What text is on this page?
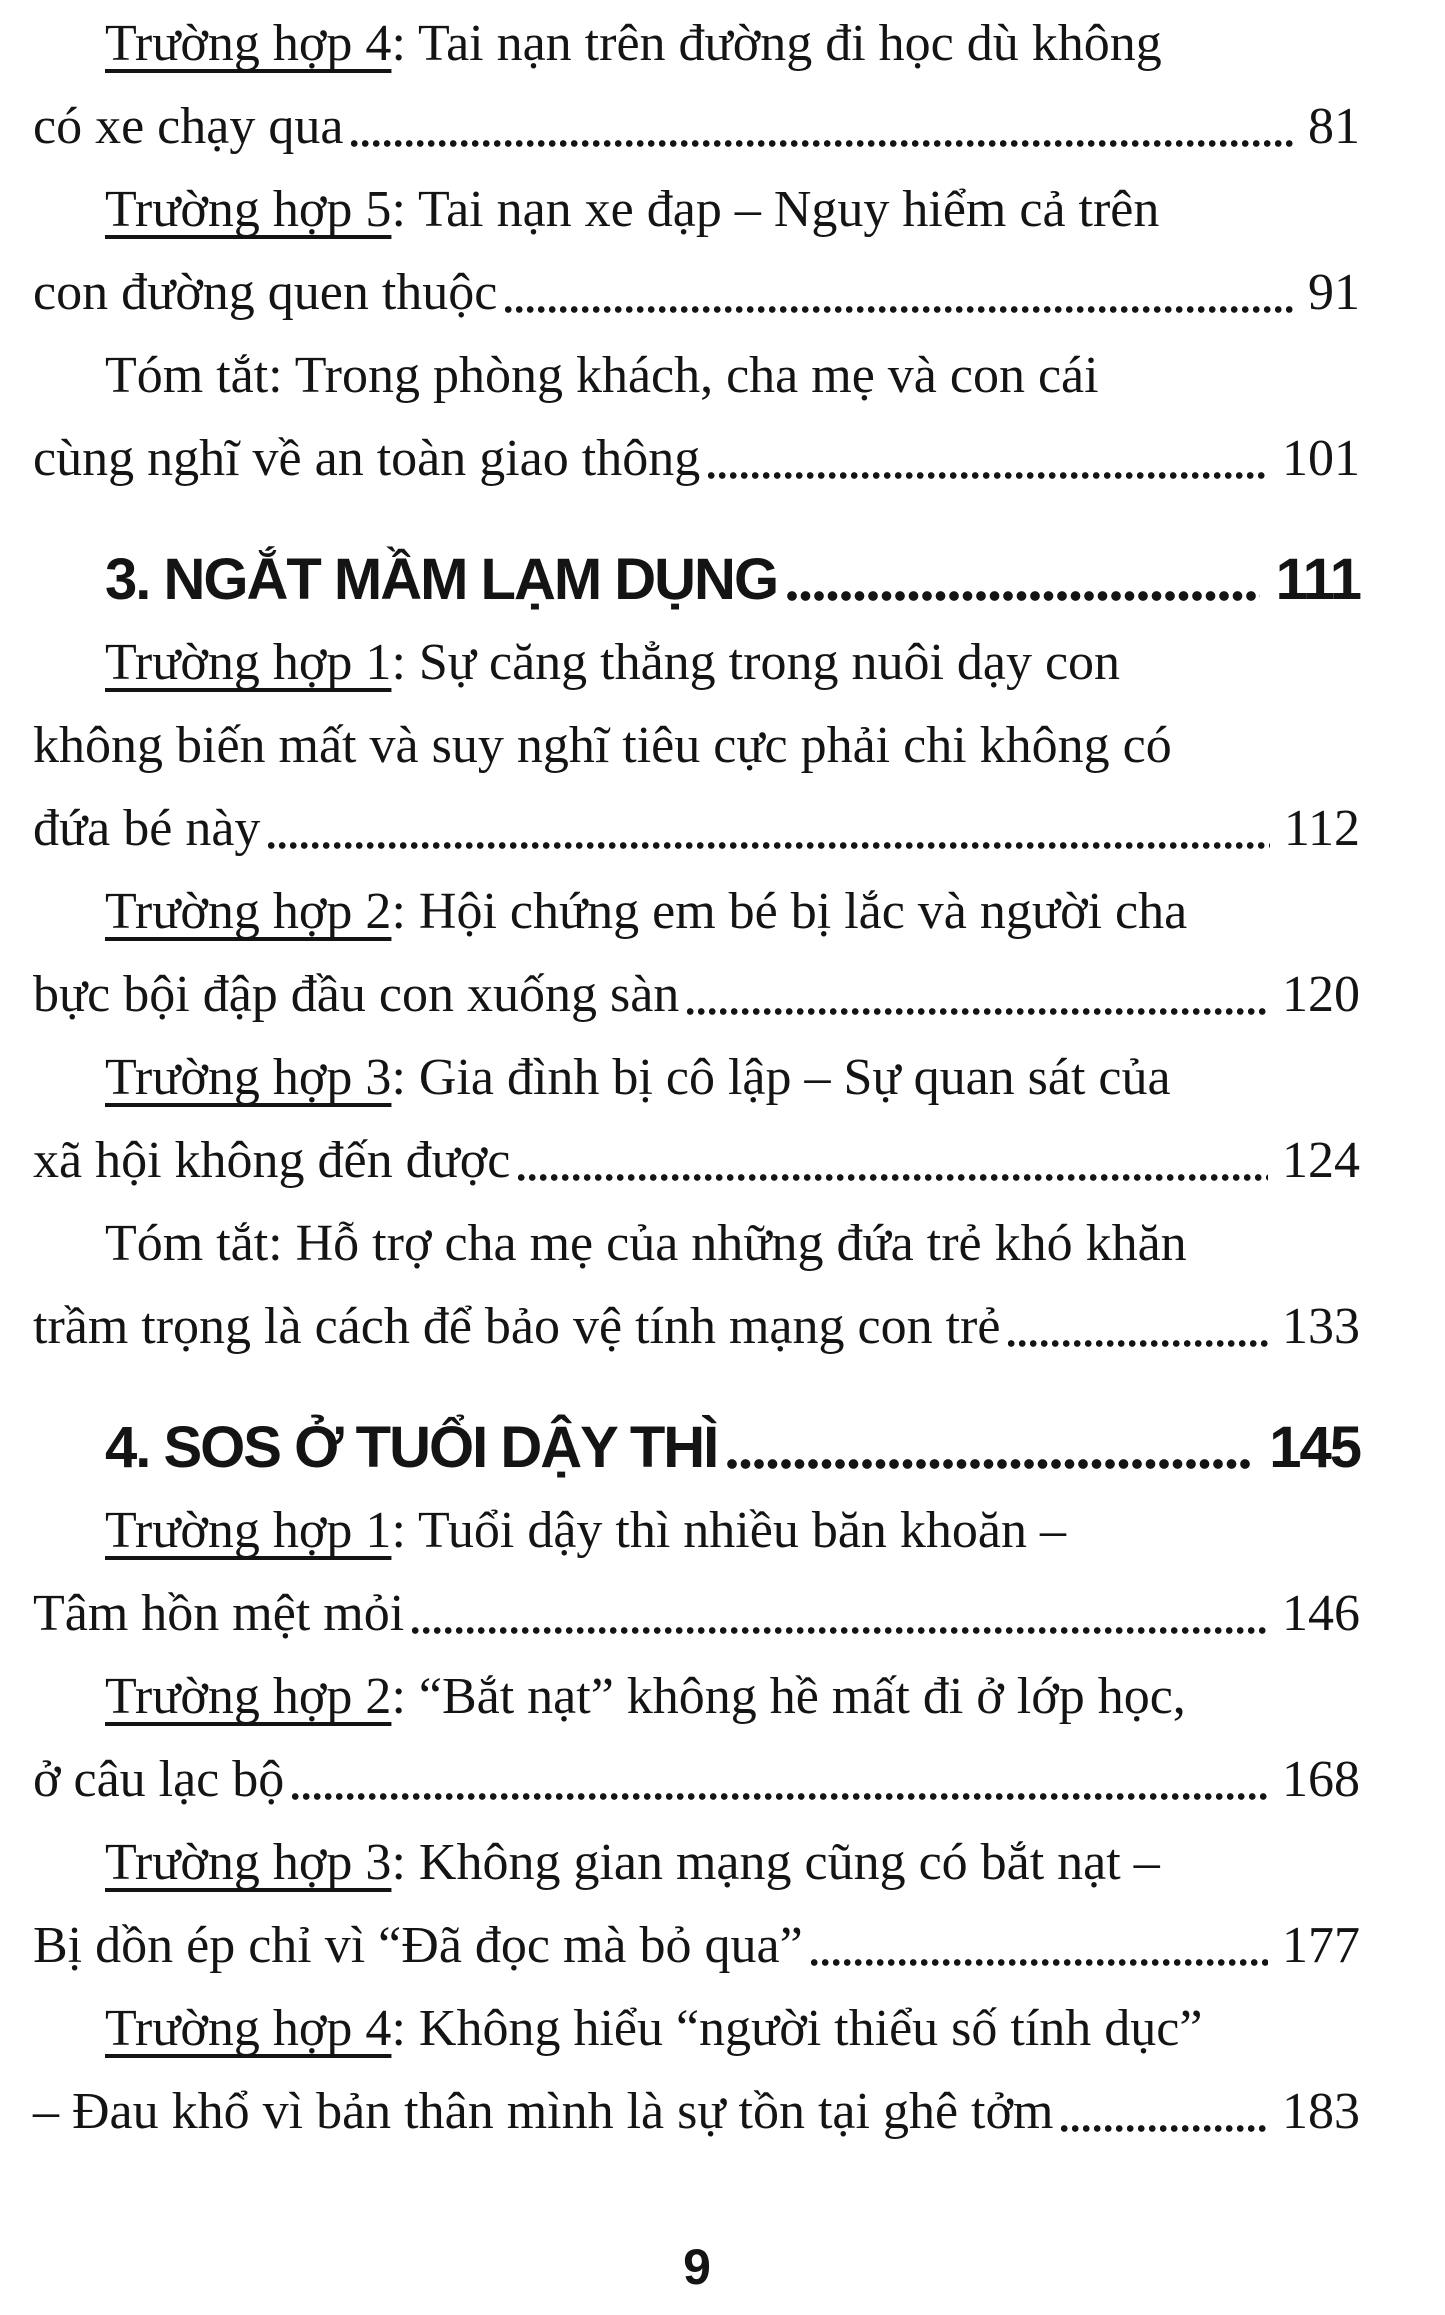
Trường hợp 4 : Tai nạn trên đường đi học dù không
có xe chạy qua	81
Trường hợp 5 : Tai nạn xe đạp – Nguy hiểm cả trên
con đường quen thuộc	91
Tóm tắt: Trong phòng khách, cha mẹ và con cái
cùng nghĩ về an toàn giao thông	101
3. NGẮT MẦM LẠM DỤNG	111
Trường hợp 1 : Sự căng thẳng trong nuôi dạy con
không biến mất và suy nghĩ tiêu cực phải chi không có
đứa bé này	112
Trường hợp 2 : Hội chứng em bé bị lắc và người cha
bực bội đập đầu con xuống sàn	120
Trường hợp 3 : Gia đình bị cô lập – Sự quan sát của
xã hội không đến được	124
Tóm tắt: Hỗ trợ cha mẹ của những đứa trẻ khó khăn
trầm trọng là cách để bảo vệ tính mạng con trẻ	133
4. SOS Ở TUỔI DẬY THÌ	145
Trường hợp 1 : Tuổi dậy thì nhiều băn khoăn –
Tâm hồn mệt mỏi	146
Trường hợp 2 : “Bắt nạt” không hề mất đi ở lớp học,
ở câu lạc bộ	168
Trường hợp 3 : Không gian mạng cũng có bắt nạt –
Bị dồn ép chỉ vì “Đã đọc mà bỏ qua”	177
Trường hợp 4 : Không hiểu “người thiểu số tính dục”
– Đau khổ vì bản thân mình là sự tồn tại ghê tởm	183
9
